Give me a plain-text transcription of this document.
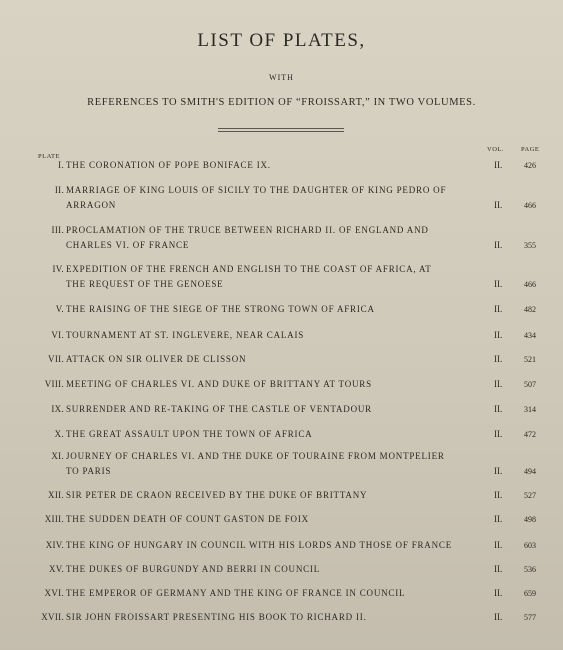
LIST OF PLATES,
WITH
REFERENCES TO SMITH'S EDITION OF “FROISSART,” IN TWO VOLUMES.
PLATE
VOL.	PAGE
I. THE CORONATION OF POPE BONIFACE IX.	II.	426
II. MARRIAGE OF KING LOUIS OF SICILY TO THE DAUGHTER OF KING PEDRO OF
ARRAGON	II.	466
III. PROCLAMATION OF THE TRUCE BETWEEN RICHARD II. OF ENGLAND AND
CHARLES VI. OF FRANCE	II.	355
IV. EXPEDITION OF THE FRENCH AND ENGLISH TO THE COAST OF AFRICA, AT
THE REQUEST OF THE GENOESE	II.	466
V. THE RAISING OF THE SIEGE OF THE STRONG TOWN OF AFRICA	II.	482
VI. TOURNAMENT AT ST. INGLEVERE, NEAR CALAIS	II.	434
VII. ATTACK ON SIR OLIVER DE CLISSON	II.	521
VIII. MEETING OF CHARLES VI. AND DUKE OF BRITTANY AT TOURS	II.	507
IX. SURRENDER AND RE-TAKING OF THE CASTLE OF VENTADOUR	II.	314
X. THE GREAT ASSAULT UPON THE TOWN OF AFRICA	II.	472
XI. JOURNEY OF CHARLES VI. AND THE DUKE OF TOURAINE FROM MONTPELIER
TO PARIS	II.	494
XII. SIR PETER DE CRAON RECEIVED BY THE DUKE OF BRITTANY	II.	527
XIII. THE SUDDEN DEATH OF COUNT GASTON DE FOIX	II.	498
XIV. THE KING OF HUNGARY IN COUNCIL WITH HIS LORDS AND THOSE OF FRANCE	II.	603
XV. THE DUKES OF BURGUNDY AND BERRI IN COUNCIL	II.	536
XVI. THE EMPEROR OF GERMANY AND THE KING OF FRANCE IN COUNCIL	II.	659
XVII. SIR JOHN FROISSART PRESENTING HIS BOOK TO RICHARD II.	II.	577
